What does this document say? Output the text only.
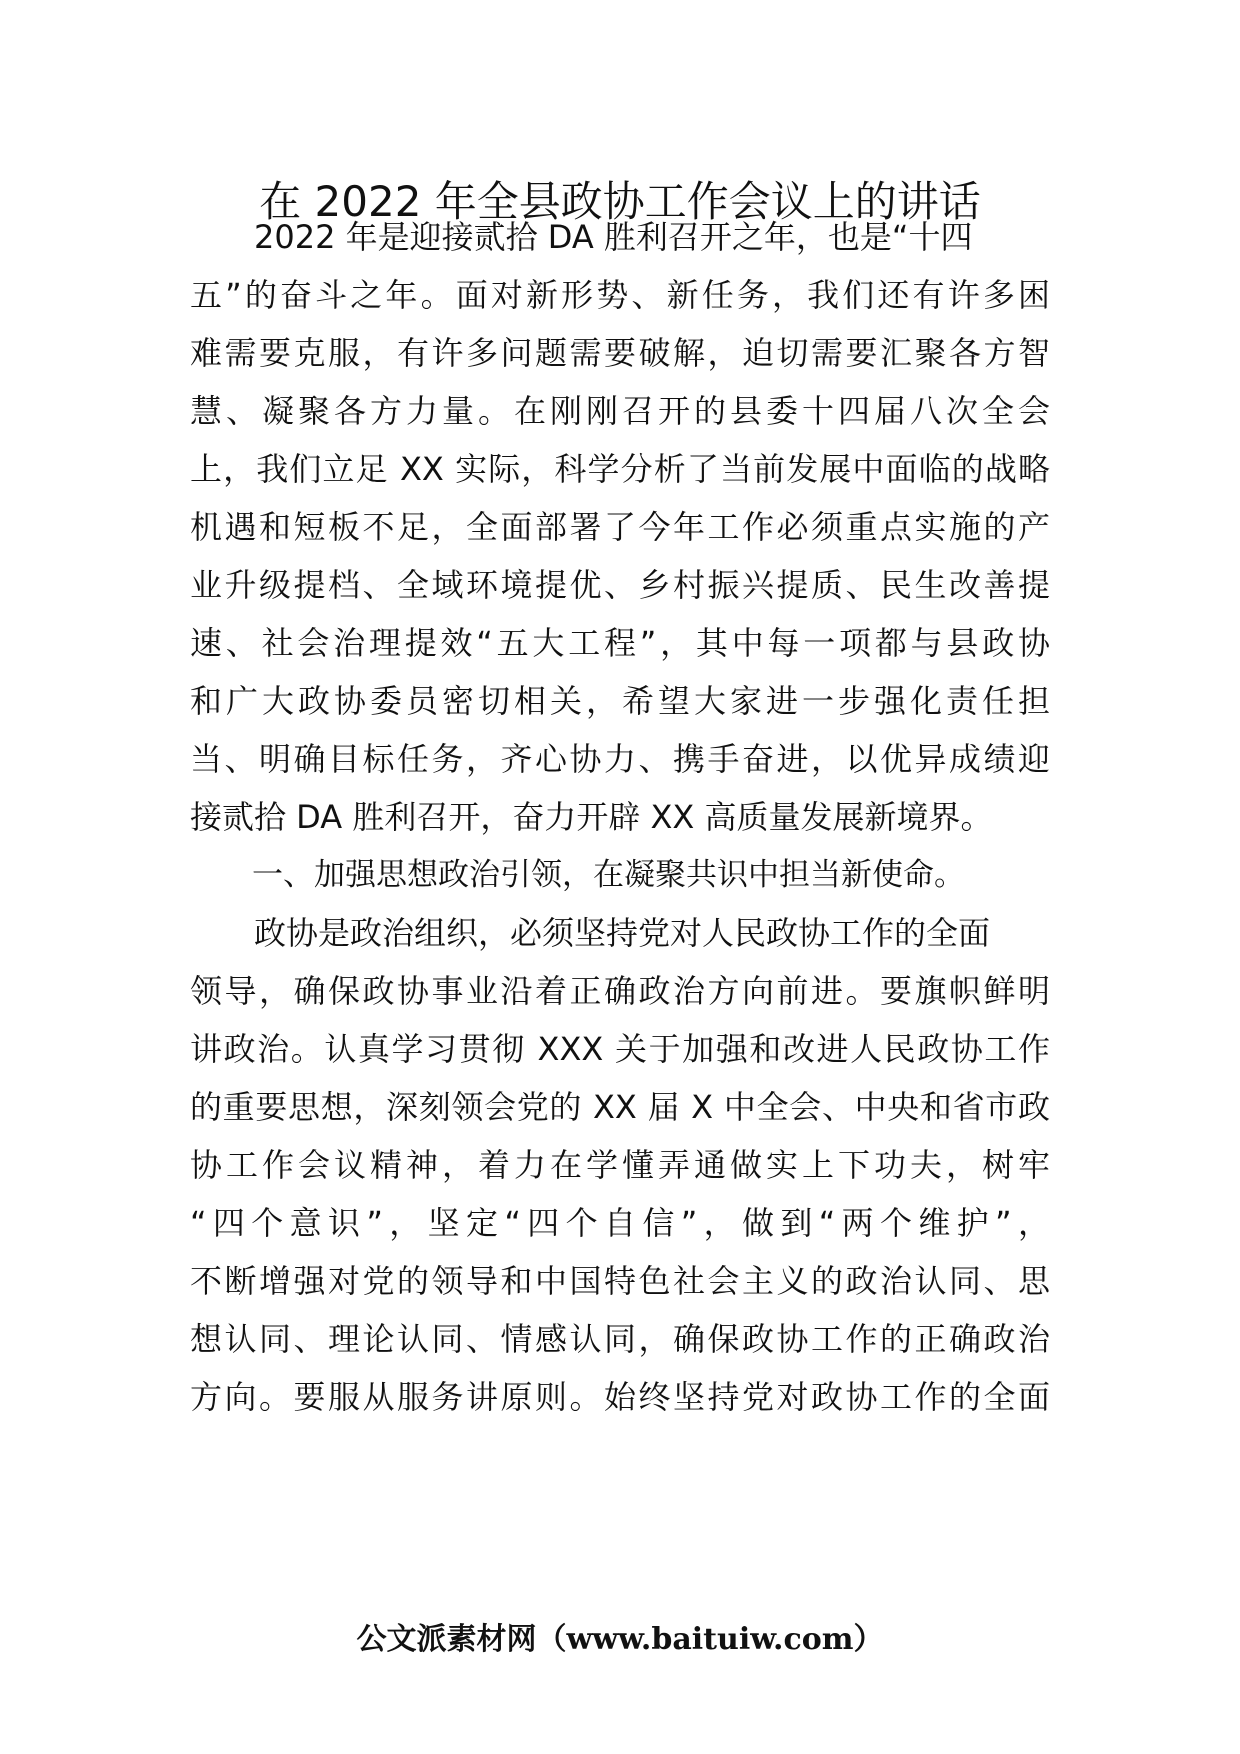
在 2022 年全县政协工作会议上的讲话

　　2022 年是迎接贰拾 DA 胜利召开之年，也是“十四

五”的奋斗之年。面对新形势、新任务，我们还有许多困

难需要克服，有许多问题需要破解，迫切需要汇聚各方智

慧、凝聚各方力量。在刚刚召开的县委十四届八次全会

上，我们立足 XX 实际，科学分析了当前发展中面临的战略

机遇和短板不足，全面部署了今年工作必须重点实施的产

业升级提档、全域环境提优、乡村振兴提质、民生改善提

速、社会治理提效“五大工程”，其中每一项都与县政协

和广大政协委员密切相关，希望大家进一步强化责任担

当、明确目标任务，齐心协力、携手奋进，以优异成绩迎

接贰拾 DA 胜利召开，奋力开辟 XX 高质量发展新境界。

　　一、加强思想政治引领，在凝聚共识中担当新使命。

　　政协是政治组织，必须坚持党对人民政协工作的全面

领导，确保政协事业沿着正确政治方向前进。要旗帜鲜明

讲政治。认真学习贯彻 XXX 关于加强和改进人民政协工作

的重要思想，深刻领会党的 XX 届 X 中全会、中央和省市政

协工作会议精神，着力在学懂弄通做实上下功夫，树牢

“四个意识”，坚定“四个自信”，做到“两个维护”，

不断增强对党的领导和中国特色社会主义的政治认同、思

想认同、理论认同、情感认同，确保政协工作的正确政治

方向。要服从服务讲原则。始终坚持党对政协工作的全面

公文派素材网（www.baituiw.com）
